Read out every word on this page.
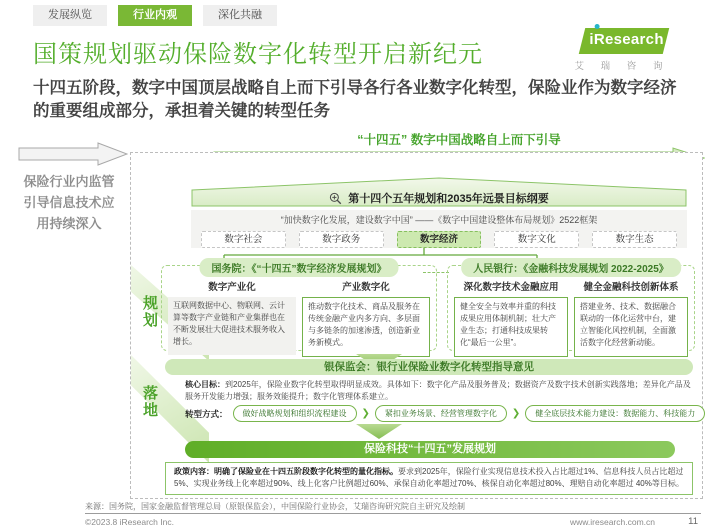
发展纵览	行业内观	深化共融
国策规划驱动保险数字化转型开启新纪元
iResearch
艾 瑞 咨 询
十四五阶段，数字中国顶层战略自上而下引导各行各业数字化转型，保险业作为数字经济的重要组成部分，承担着关键的转型任务
“十四五” 数字中国战略自上而下引导
保险行业内监管
引导信息技术应
用持续深入
规划
落地
第十四个五年规划和2035年远景目标纲要
“加快数字化发展，建设数字中国” ——《数字中国建设整体布局规划》2522框架
数字社会	数字政务	数字经济	数字文化	数字生态
国务院：《“十四五”数字经济发展规划》
数字产业化
互联网数据中心、物联网、云计算等数字产业链和产业集群也在不断发展壮大促进技术服务收入增长。
产业数字化
推动数字化技术、商品及服务在传统金融产业内多方向、多层面与多链条的加速渗透，创造新业务新模式。
人民银行：《金融科技发展规划 2022-2025》
深化数字技术金融应用
健全安全与效率并重的科技成果应用体制机制；壮大产业生态；打通科技成果转化“最后一公里”。
健全金融科技创新体系
搭建业务、技术、数据融合联动的一体化运营中台，建立智能化风控机制，全面激活数字化经营新动能。
银保监会：银行业保险业数字化转型指导意见
核心目标：到2025年，保险业数字化转型取得明显成效。具体如下：数字化产品及服务普及；数据资产及数字技术创新实践落地；差异化产品及服务开发能力增强；服务效能提升；数字化管理体系建立。
转型方式：	做好战略规划和组织流程建设	❯	紧扣业务场景、经营管理数字化	❯	健全底层技术能力建设：数据能力、科技能力
保险科技“十四五”发展规划
政策内容：明确了保险业在十四五阶段数字化转型的量化指标。要求到2025年，保险行业实现信息技术投入占比超过1%、信息科技人员占比超过5%、实现业务线上化率超过90%、线上化客户比例超过60%、承保自动化率超过70%、核保自动化率超过80%、理赔自动化率超过 40%等目标。
来源：国务院，国家金融监督管理总局（原银保监会），中国保险行业协会，艾瑞咨询研究院自主研究及绘制
©2023.8 iResearch Inc.	www.iresearch.com.cn	11
